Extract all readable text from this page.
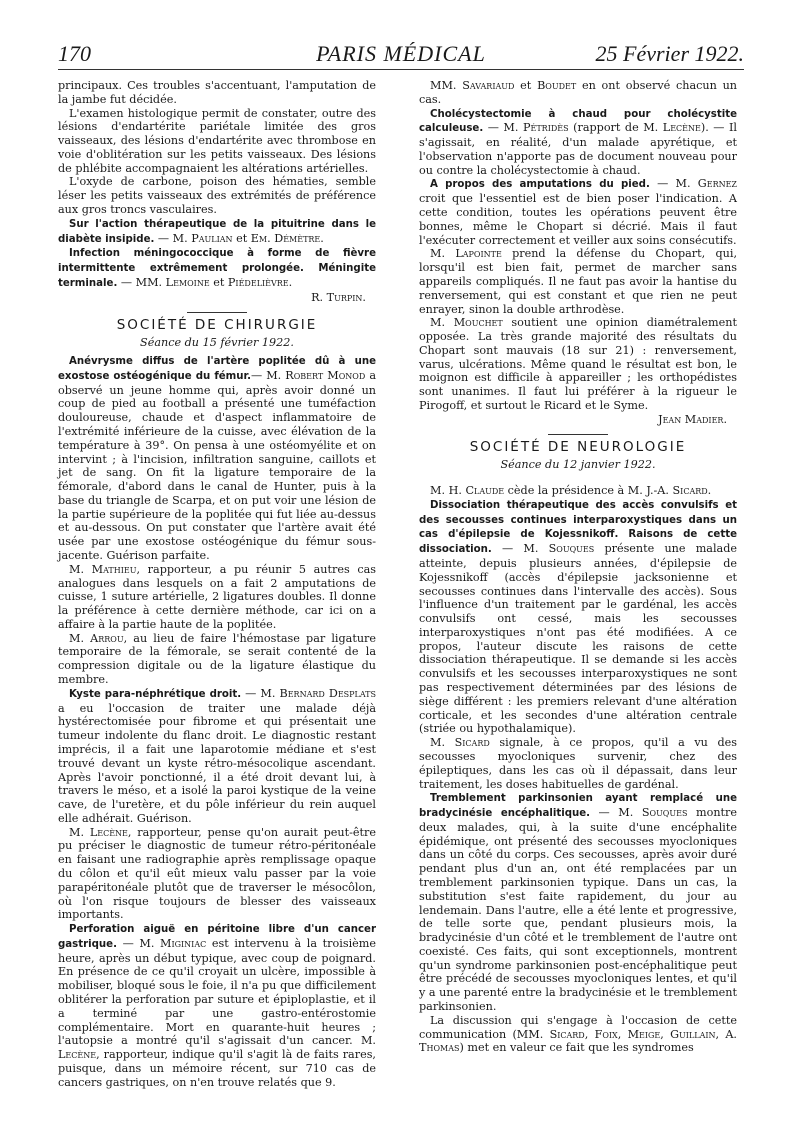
170	PARIS MÉDICAL	25 Février 1922.

principaux. Ces troubles s'accentuant, l'amputation de la jambe fut décidée.

L'examen histologique permit de constater, outre des lésions d'endartérite pariétale limitée des gros vaisseaux, des lésions d'endartérite avec thrombose en voie d'oblitération sur les petits vaisseaux. Des lésions de phlébite accompagnaient les altérations artérielles.

L'oxyde de carbone, poison des hématies, semble léser les petits vaisseaux des extrémités de préférence aux gros troncs vasculaires.

Sur l'action thérapeutique de la pituitrine dans le diabète insipide. — M. Paulian et Em. Démètre.

Infection méningococcique à forme de fièvre intermittente extrêmement prolongée. Méningite terminale. — MM. Lemoine et Piédelièvre.

R. Turpin.

SOCIÉTÉ DE CHIRURGIE
Séance du 15 février 1922.

Anévrysme diffus de l'artère poplitée dû à une exostose ostéogénique du fémur.— M. Robert Monod a observé un jeune homme qui, après avoir donné un coup de pied au football a présenté une tuméfaction douloureuse, chaude et d'aspect inflammatoire de l'extrémité inférieure de la cuisse, avec élévation de la température à 39°. On pensa à une ostéomyélite et on intervint ; à l'incision, infiltration sanguine, caillots et jet de sang. On fit la ligature temporaire de la fémorale, d'abord dans le canal de Hunter, puis à la base du triangle de Scarpa, et on put voir une lésion de la partie supérieure de la poplitée qui fut liée au-dessus et au-dessous. On put constater que l'artère avait été usée par une exostose ostéogénique du fémur sous-jacente. Guérison parfaite.

M. Mathieu, rapporteur, a pu réunir 5 autres cas analogues dans lesquels on a fait 2 amputations de cuisse, 1 suture artérielle, 2 ligatures doubles. Il donne la préférence à cette dernière méthode, car ici on a affaire à la partie haute de la poplitée.

M. Arrou, au lieu de faire l'hémostase par ligature temporaire de la fémorale, se serait contenté de la compression digitale ou de la ligature élastique du membre.

Kyste para-néphrétique droit. — M. Bernard Desplats a eu l'occasion de traiter une malade déjà hystérectomisée pour fibrome et qui présentait une tumeur indolente du flanc droit. Le diagnostic restant imprécis, il a fait une laparotomie médiane et s'est trouvé devant un kyste rétro-mésocolique ascendant. Après l'avoir ponctionné, il a été droit devant lui, à travers le méso, et a isolé la paroi kystique de la veine cave, de l'uretère, et du pôle inférieur du rein auquel elle adhérait. Guérison.

M. Lecène, rapporteur, pense qu'on aurait peut-être pu préciser le diagnostic de tumeur rétro-péritonéale en faisant une radiographie après remplissage opaque du côlon et qu'il eût mieux valu passer par la voie parapéritonéale plutôt que de traverser le mésocôlon, où l'on risque toujours de blesser des vaisseaux importants.

Perforation aiguë en péritoine libre d'un cancer gastrique. — M. Miginiac est intervenu à la troisième heure, après un début typique, avec coup de poignard. En présence de ce qu'il croyait un ulcère, impossible à mobiliser, bloqué sous le foie, il n'a pu que difficilement oblitérer la perforation par suture et épiploplastie, et il a terminé par une gastro-entérostomie complémentaire. Mort en quarante-huit heures ; l'autopsie a montré qu'il s'agissait d'un cancer. M. Lecène, rapporteur, indique qu'il s'agit là de faits rares, puisque, dans un mémoire récent, sur 710 cas de cancers gastriques, on n'en trouve relatés que 9.

MM. Savariaud et Boudet en ont observé chacun un cas.

Cholécystectomie à chaud pour cholécystite calculeuse. — M. Pétridès (rapport de M. Lecène). — Il s'agissait, en réalité, d'un malade apyrétique, et l'observation n'apporte pas de document nouveau pour ou contre la cholécystectomie à chaud.

A propos des amputations du pied. — M. Gernez croit que l'essentiel est de bien poser l'indication. A cette condition, toutes les opérations peuvent être bonnes, même le Chopart si décrié. Mais il faut l'exécuter correctement et veiller aux soins consécutifs.

M. Lapointe prend la défense du Chopart, qui, lorsqu'il est bien fait, permet de marcher sans appareils compliqués. Il ne faut pas avoir la hantise du renversement, qui est constant et que rien ne peut enrayer, sinon la double arthrodèse.

M. Mouchet soutient une opinion diamétralement opposée. La très grande majorité des résultats du Chopart sont mauvais (18 sur 21) : renversement, varus, ulcérations. Même quand le résultat est bon, le moignon est difficile à appareiller ; les orthopédistes sont unanimes. Il faut lui préférer à la rigueur le Pirogoff, et surtout le Ricard et le Syme.

Jean Madier.

SOCIÉTÉ DE NEUROLOGIE
Séance du 12 janvier 1922.

M. H. Claude cède la présidence à M. J.-A. Sicard.

Dissociation thérapeutique des accès convulsifs et des secousses continues interparoxystiques dans un cas d'épilepsie de Kojessnikoff. Raisons de cette dissociation. — M. Souques présente une malade atteinte, depuis plusieurs années, d'épilepsie de Kojessnikoff (accès d'épilepsie jacksonienne et secousses continues dans l'intervalle des accès). Sous l'influence d'un traitement par le gardénal, les accès convulsifs ont cessé, mais les secousses interparoxystiques n'ont pas été modifiées. A ce propos, l'auteur discute les raisons de cette dissociation thérapeutique. Il se demande si les accès convulsifs et les secousses interparoxystiques ne sont pas respectivement déterminées par des lésions de siège différent : les premiers relevant d'une altération corticale, et les secondes d'une altération centrale (striée ou hypothalamique).

M. Sicard signale, à ce propos, qu'il a vu des secousses myocloniques survenir, chez des épileptiques, dans les cas où il dépassait, dans leur traitement, les doses habituelles de gardénal.

Tremblement parkinsonien ayant remplacé une bradycinésie encéphalitique. — M. Souques montre deux malades, qui, à la suite d'une encéphalite épidémique, ont présenté des secousses myocloniques dans un côté du corps. Ces secousses, après avoir duré pendant plus d'un an, ont été remplacées par un tremblement parkinsonien typique. Dans un cas, la substitution s'est faite rapidement, du jour au lendemain. Dans l'autre, elle a été lente et progressive, de telle sorte que, pendant plusieurs mois, la bradycinésie d'un côté et le tremblement de l'autre ont coexisté. Ces faits, qui sont exceptionnels, montrent qu'un syndrome parkinsonien post-encéphalitique peut être précédé de secousses myocloniques lentes, et qu'il y a une parenté entre la bradycinésie et le tremblement parkinsonien.

La discussion qui s'engage à l'occasion de cette communication (MM. Sicard, Foix, Meige, Guillain, A. Thomas) met en valeur ce fait que les syndromes
